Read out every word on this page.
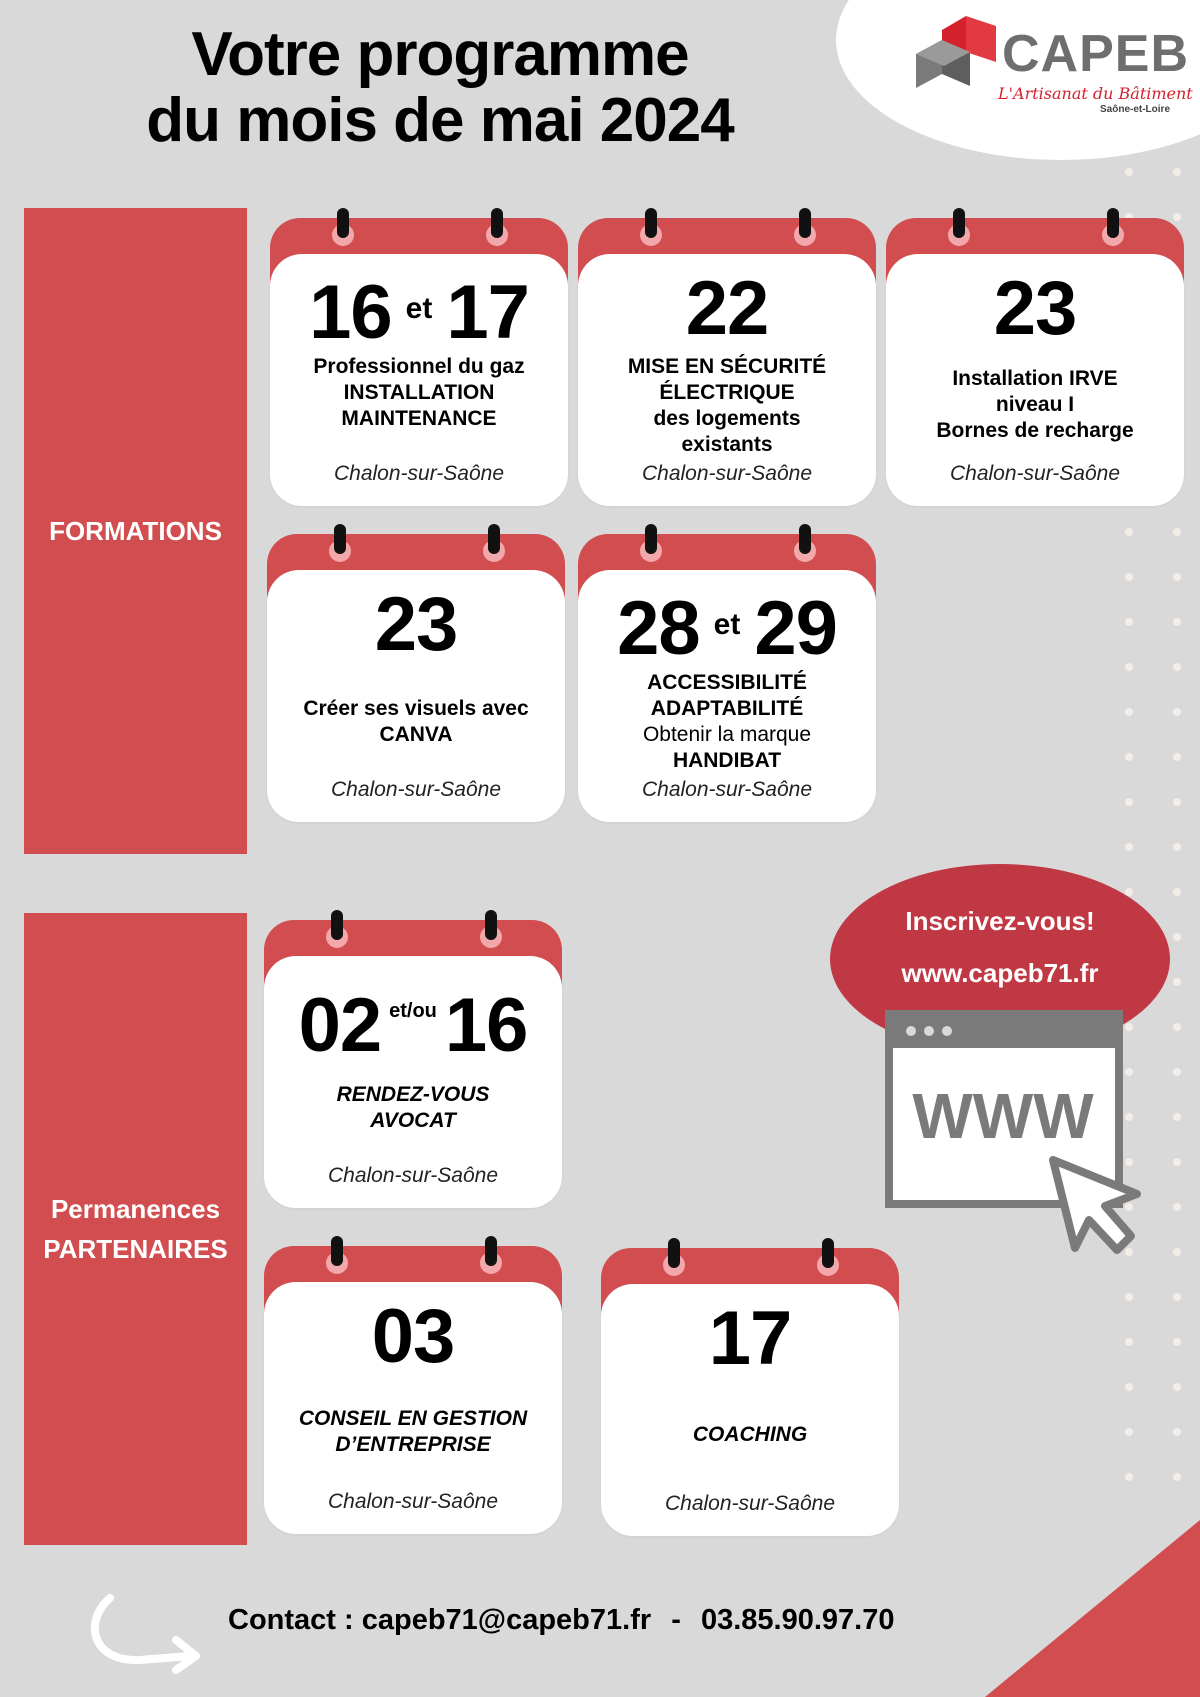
CAPEB
L'Artisanat du Bâtiment
Saône-et-Loire
Votre programme
du mois de mai 2024
FORMATIONS
Permanences
PARTENAIRES
16 $^{et}$ 17
Professionnel du gaz
INSTALLATION
MAINTENANCE
Chalon-sur-Saône
22
MISE EN SÉCURITÉ
ÉLECTRIQUE
des logements
existants
Chalon-sur-Saône
23
Installation IRVE
niveau I
Bornes de recharge
Chalon-sur-Saône
23
Créer ses visuels avec
CANVA
Chalon-sur-Saône
28 $^{et}$ 29
ACCESSIBILITÉ
ADAPTABILITÉ
Obtenir la marque
HANDIBAT
Chalon-sur-Saône
02 $^{et/ou}$ 16
RENDEZ-VOUS
AVOCAT
Chalon-sur-Saône
03
CONSEIL EN GESTION
D’ENTREPRISE
Chalon-sur-Saône
17
COACHING
Chalon-sur-Saône
Inscrivez-vous!
www.capeb71.fr
WWW
Contact : capeb71@capeb71.fr - 03.85.90.97.70
